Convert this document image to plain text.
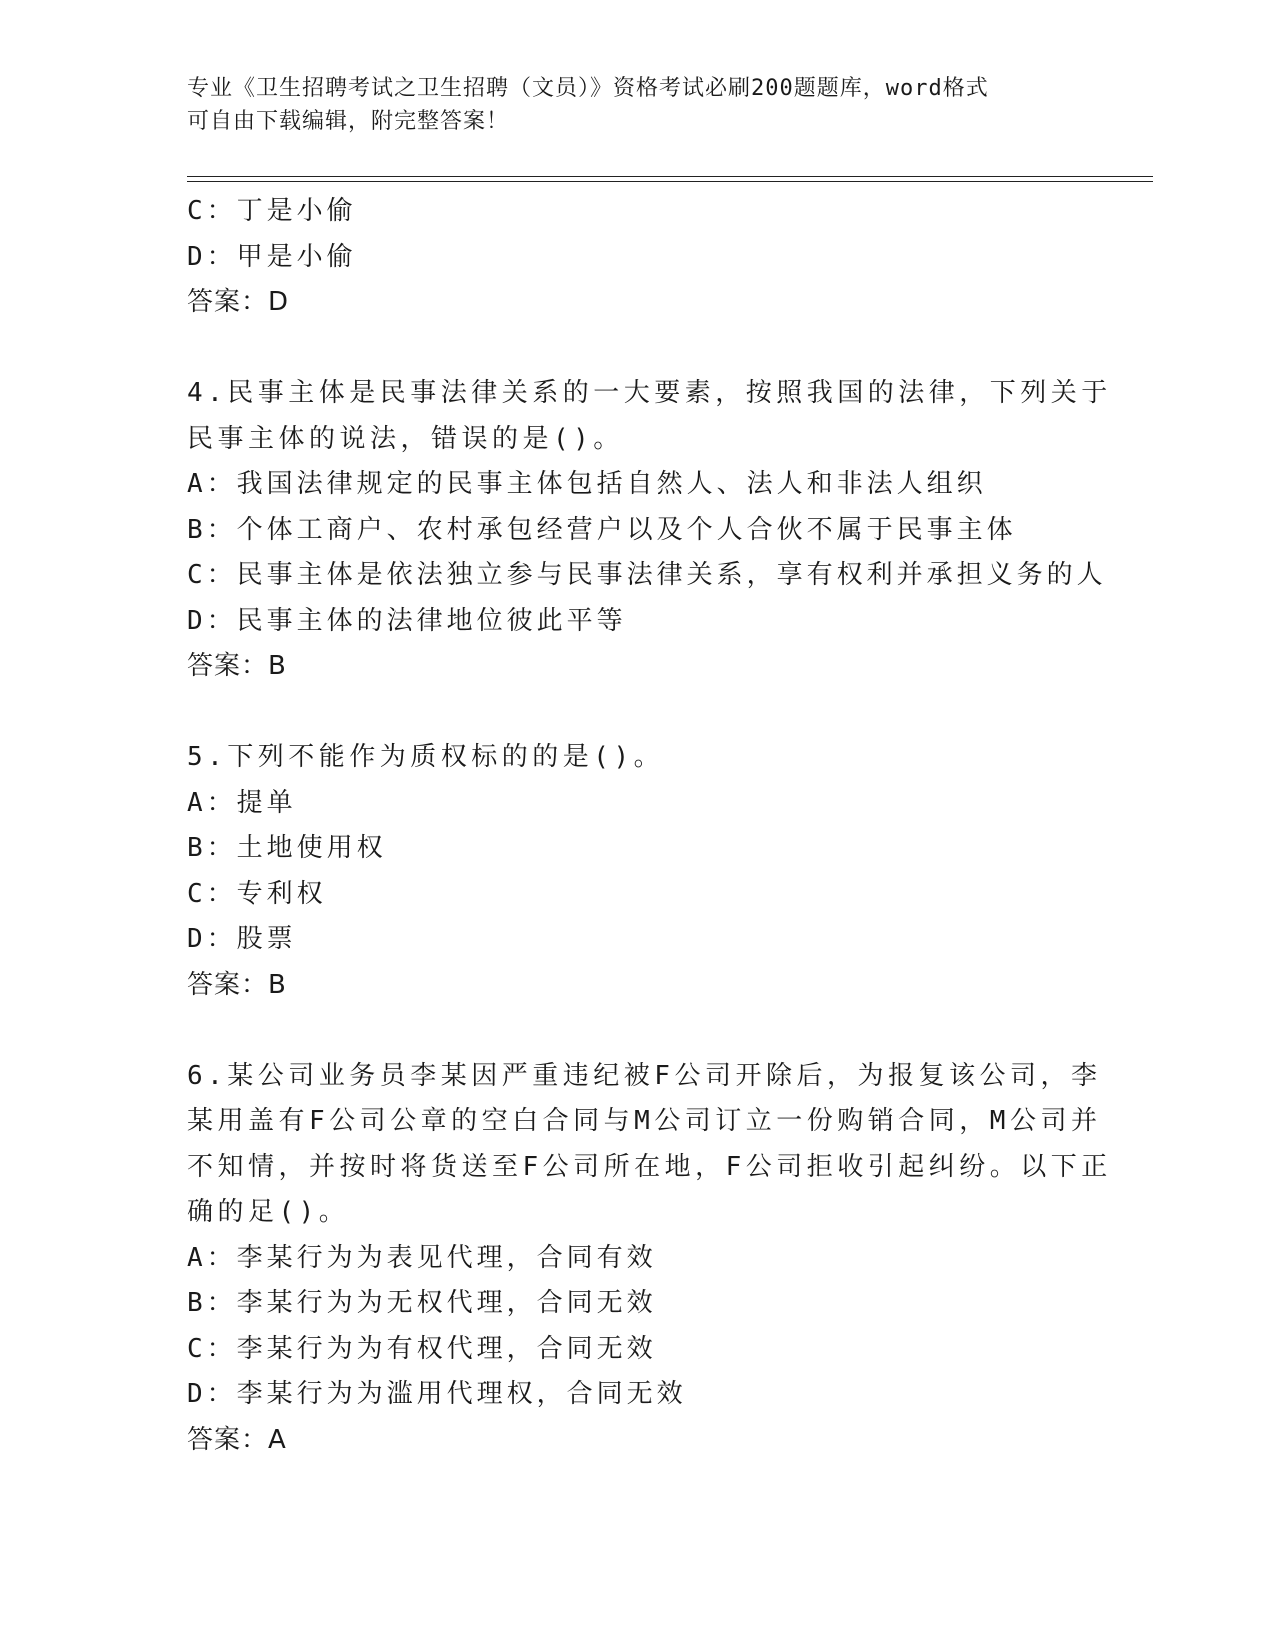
专业《卫生招聘考试之卫生招聘（文员）》资格考试必刷200题题库，word格式
可自由下载编辑，附完整答案！
C：丁是小偷
D：甲是小偷
答案：D
4.民事主体是民事法律关系的一大要素，按照我国的法律，下列关于
民事主体的说法，错误的是()。
A：我国法律规定的民事主体包括自然人、法人和非法人组织
B：个体工商户、农村承包经营户以及个人合伙不属于民事主体
C：民事主体是依法独立参与民事法律关系，享有权利并承担义务的人
D：民事主体的法律地位彼此平等
答案：B
5.下列不能作为质权标的的是()。
A：提单
B：土地使用权
C：专利权
D：股票
答案：B
6.某公司业务员李某因严重违纪被F公司开除后，为报复该公司，李
某用盖有F公司公章的空白合同与M公司订立一份购销合同，M公司并
不知情，并按时将货送至F公司所在地，F公司拒收引起纠纷。以下正
确的足()。
A：李某行为为表见代理，合同有效
B：李某行为为无权代理，合同无效
C：李某行为为有权代理，合同无效
D：李某行为为滥用代理权，合同无效
答案：A
